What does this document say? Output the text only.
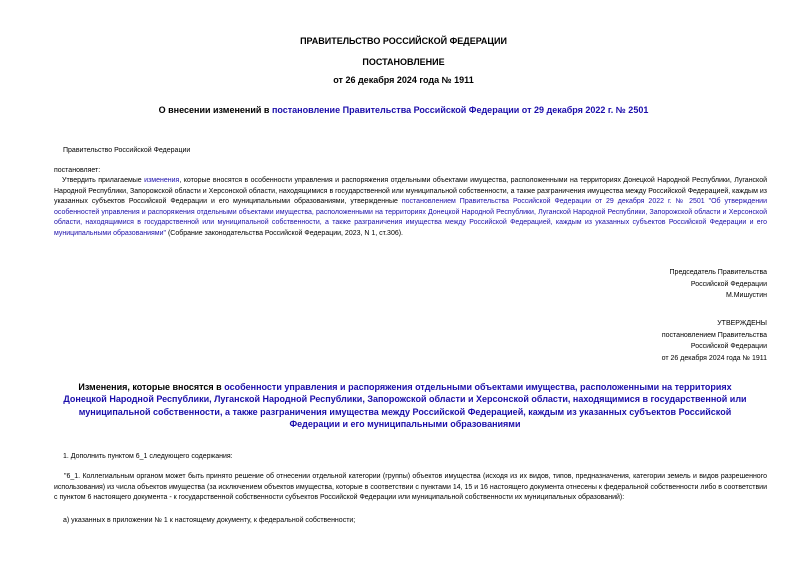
ПРАВИТЕЛЬСТВО РОССИЙСКОЙ ФЕДЕРАЦИИ
ПОСТАНОВЛЕНИЕ
от 26 декабря 2024 года № 1911
О внесении изменений в постановление Правительства Российской Федерации от 29 декабря 2022 г. № 2501
Правительство Российской Федерации
постановляет:
Утвердить прилагаемые изменения, которые вносятся в особенности управления и распоряжения отдельными объектами имущества, расположенными на территориях Донецкой Народной Республики, Луганской Народной Республики, Запорожской области и Херсонской области, находящимися в государственной или муниципальной собственности, а также разграничения имущества между Российской Федерацией, каждым из указанных субъектов Российской Федерации и его муниципальными образованиями, утвержденные постановлением Правительства Российской Федерации от 29 декабря 2022 г. № 2501 "Об утверждении особенностей управления и распоряжения отдельными объектами имущества, расположенными на территориях Донецкой Народной Республики, Луганской Народной Республики, Запорожской области и Херсонской области, находящимися в государственной или муниципальной собственности, а также разграничения имущества между Российской Федерацией, каждым из указанных субъектов Российской Федерации и его муниципальными образованиями" (Собрание законодательства Российской Федерации, 2023, N 1, ст.306).
Председатель Правительства
Российской Федерации
М.Мишустин
УТВЕРЖДЕНЫ
постановлением Правительства
Российской Федерации
от 26 декабря 2024 года № 1911
Изменения, которые вносятся в особенности управления и распоряжения отдельными объектами имущества, расположенными на территориях Донецкой Народной Республики, Луганской Народной Республики, Запорожской области и Херсонской области, находящимися в государственной или муниципальной собственности, а также разграничения имущества между Российской Федерацией, каждым из указанных субъектов Российской Федерации и его муниципальными образованиями
1. Дополнить пунктом 6_1 следующего содержания:
"6_1. Коллегиальным органом может быть принято решение об отнесении отдельной категории (группы) объектов имущества (исходя из их видов, типов, предназначения, категории земель и видов разрешенного использования) из числа объектов имущества (за исключением объектов имущества, которые в соответствии с пунктами 14, 15 и 16 настоящего документа отнесены к федеральной собственности либо в соответствии с пунктом 6 настоящего документа - к государственной собственности субъектов Российской Федерации или муниципальной собственности их муниципальных образований):
а) указанных в приложении № 1 к настоящему документу, к федеральной собственности;
